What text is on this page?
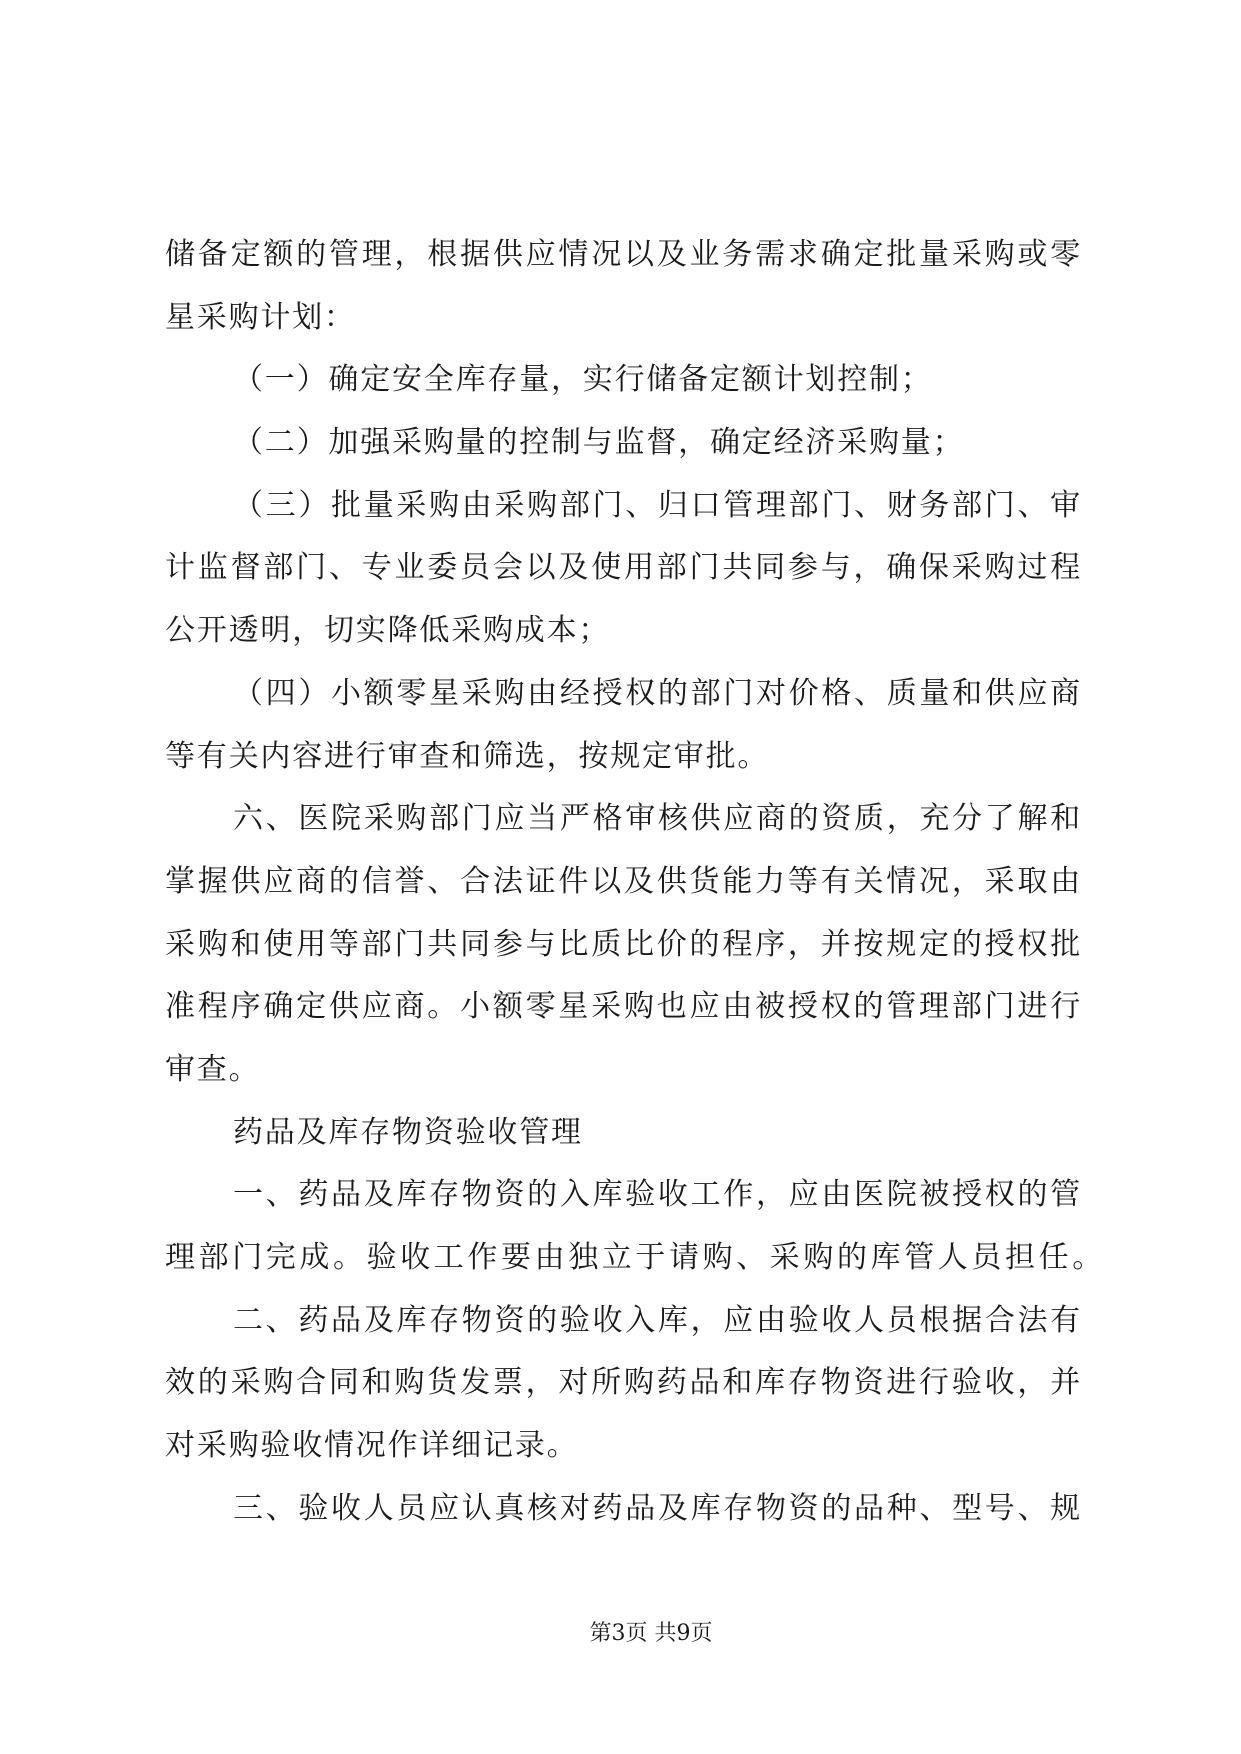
储备定额的管理，根据供应情况以及业务需求确定批量采购或零
星采购计划：
（一）确定安全库存量，实行储备定额计划控制；
（二）加强采购量的控制与监督，确定经济采购量；
（三）批量采购由采购部门、归口管理部门、财务部门、审
计监督部门、专业委员会以及使用部门共同参与，确保采购过程
公开透明，切实降低采购成本；
（四）小额零星采购由经授权的部门对价格、质量和供应商
等有关内容进行审查和筛选，按规定审批。
六、医院采购部门应当严格审核供应商的资质，充分了解和
掌握供应商的信誉、合法证件以及供货能力等有关情况，采取由
采购和使用等部门共同参与比质比价的程序，并按规定的授权批
准程序确定供应商。小额零星采购也应由被授权的管理部门进行
审查。
药品及库存物资验收管理
一、药品及库存物资的入库验收工作，应由医院被授权的管
理部门完成。验收工作要由独立于请购、采购的库管人员担任。
二、药品及库存物资的验收入库，应由验收人员根据合法有
效的采购合同和购货发票，对所购药品和库存物资进行验收，并
对采购验收情况作详细记录。
三、验收人员应认真核对药品及库存物资的品种、型号、规
第3页 共9页
